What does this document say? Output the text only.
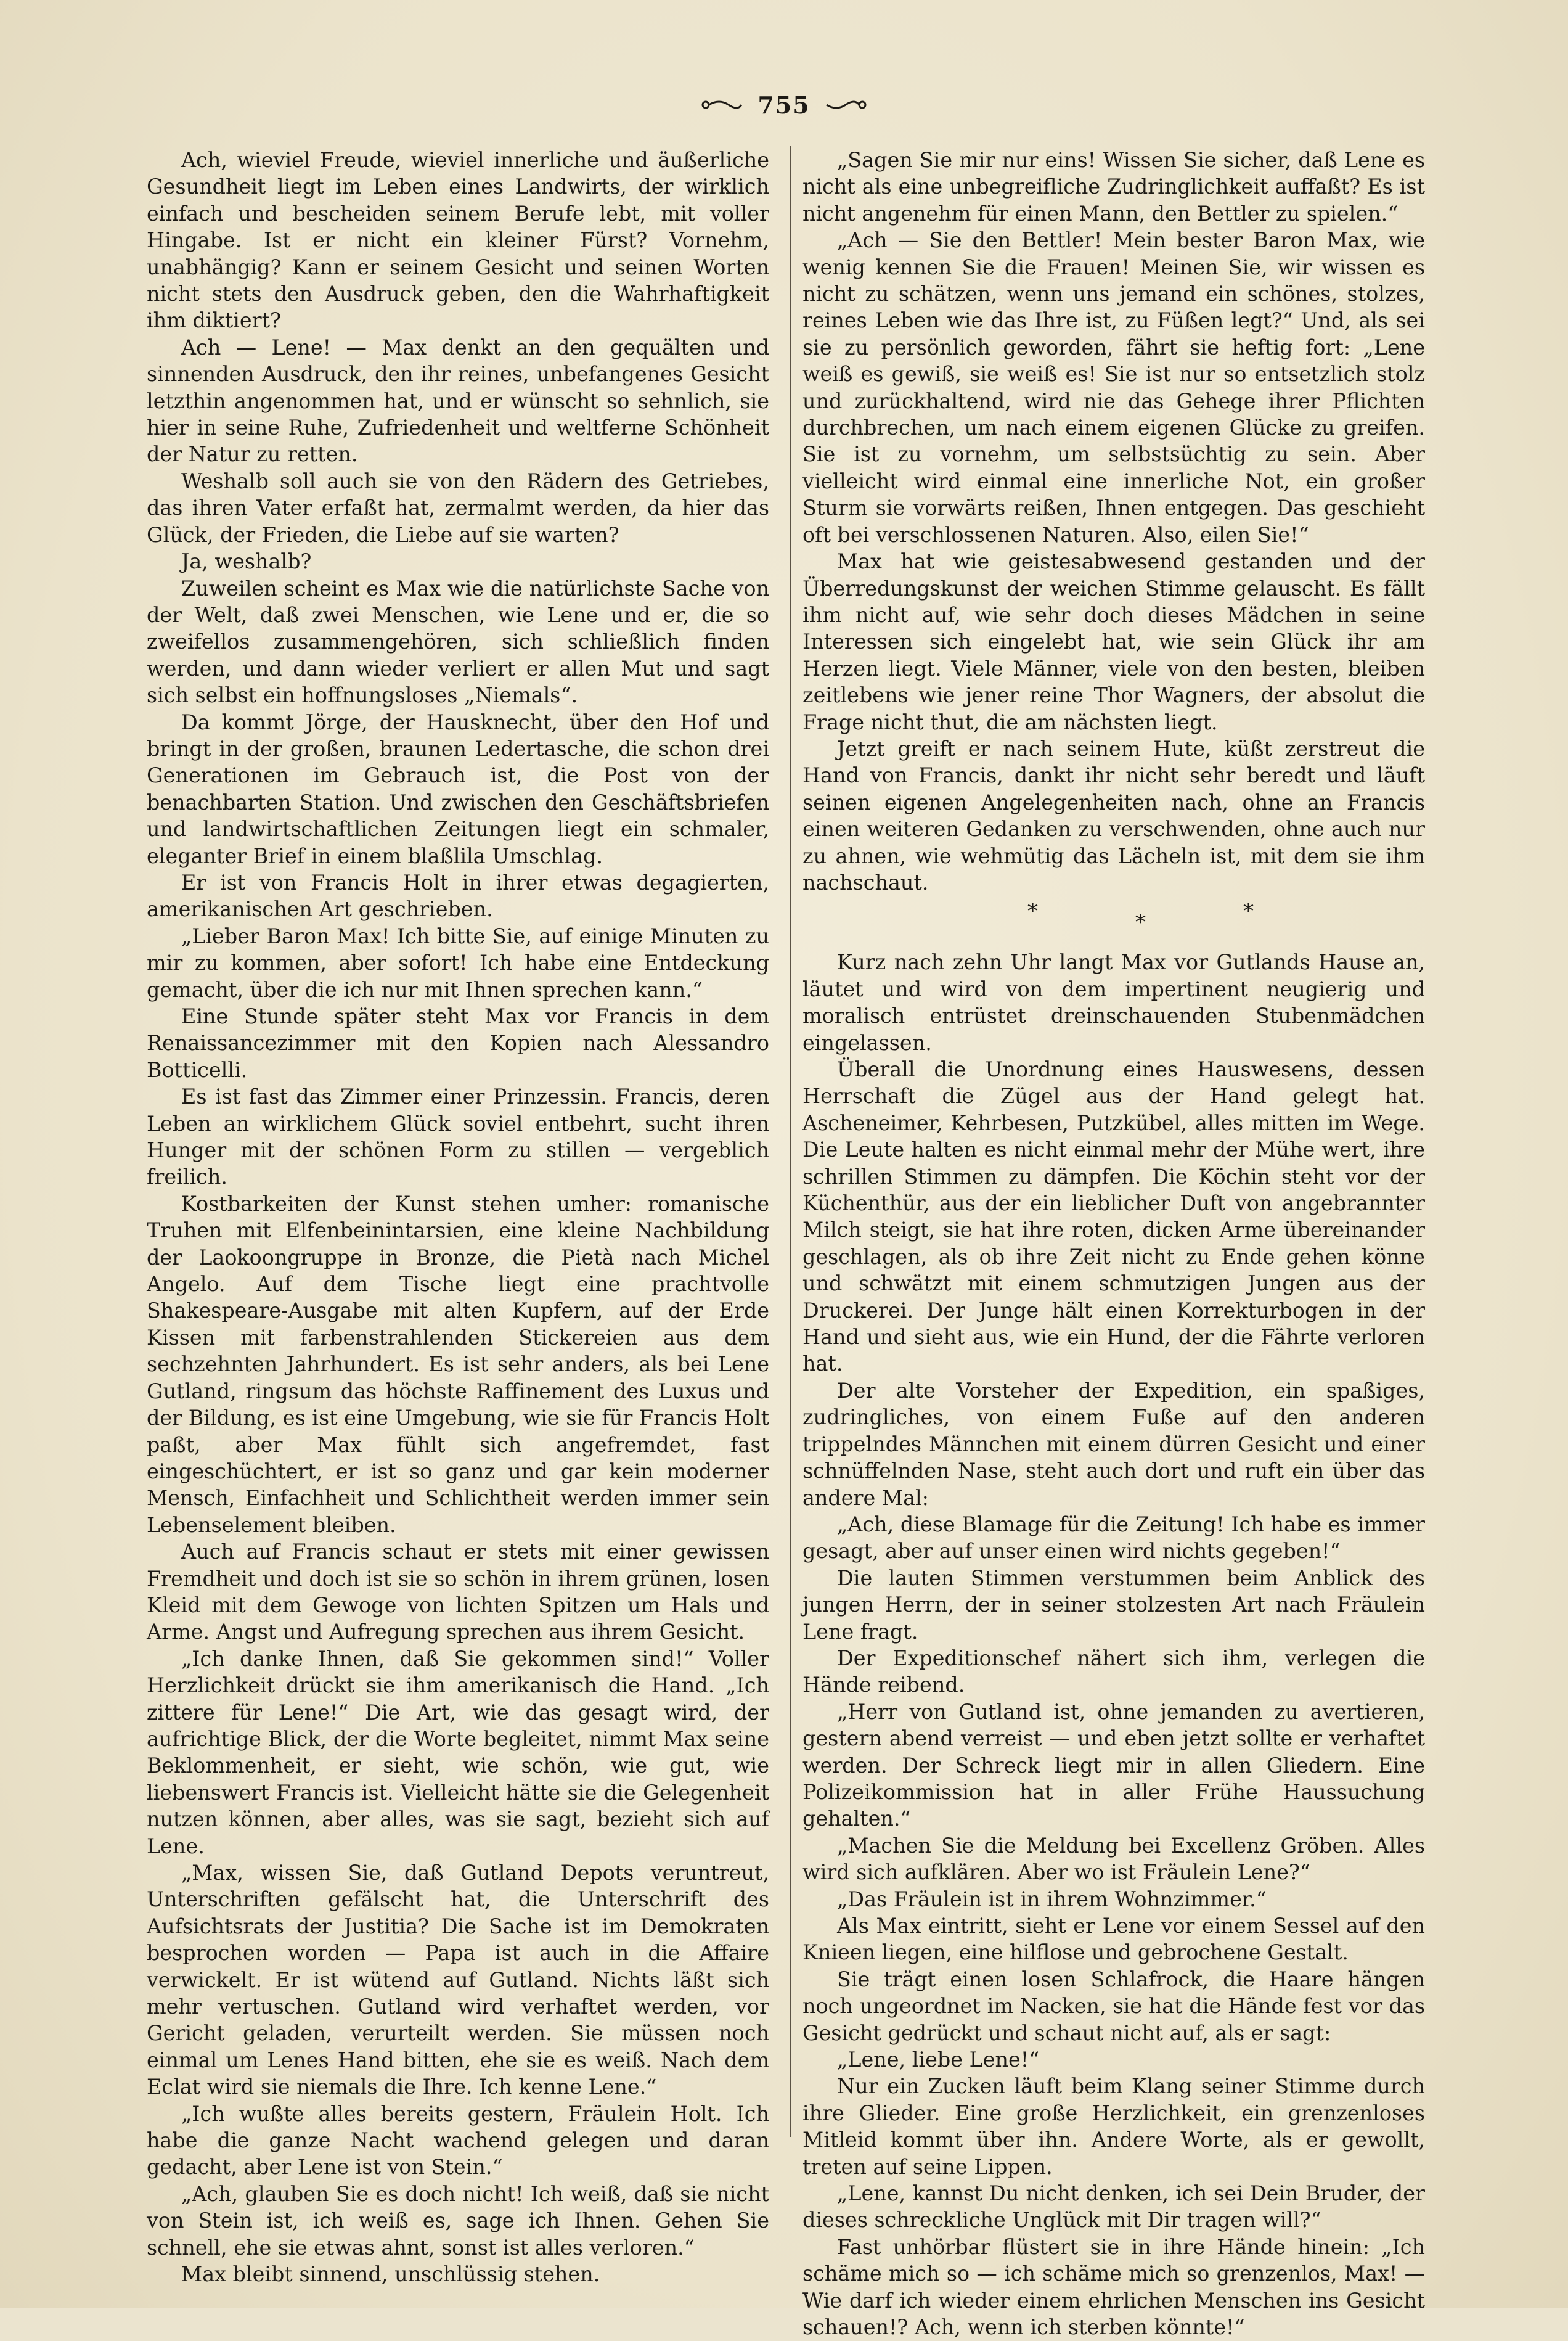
755

Ach, wieviel Freude, wieviel innerliche und äußerliche Gesundheit liegt im Leben eines Landwirts, der wirklich einfach und bescheiden seinem Berufe lebt, mit voller Hingabe. Ist er nicht ein kleiner Fürst? Vornehm, unabhängig? Kann er seinem Gesicht und seinen Worten nicht stets den Ausdruck geben, den die Wahrhaftigkeit ihm diktiert?

Ach — Lene! — Max denkt an den gequälten und sinnenden Ausdruck, den ihr reines, unbefangenes Gesicht letzthin angenommen hat, und er wünscht so sehnlich, sie hier in seine Ruhe, Zufriedenheit und weltferne Schönheit der Natur zu retten.

Weshalb soll auch sie von den Rädern des Getriebes, das ihren Vater erfaßt hat, zermalmt werden, da hier das Glück, der Frieden, die Liebe auf sie warten?

Ja, weshalb?

Zuweilen scheint es Max wie die natürlichste Sache von der Welt, daß zwei Menschen, wie Lene und er, die so zweifellos zusammengehören, sich schließlich finden werden, und dann wieder verliert er allen Mut und sagt sich selbst ein hoffnungsloses „Niemals“.

Da kommt Jörge, der Hausknecht, über den Hof und bringt in der großen, braunen Ledertasche, die schon drei Generationen im Gebrauch ist, die Post von der benachbarten Station. Und zwischen den Geschäftsbriefen und landwirtschaftlichen Zeitungen liegt ein schmaler, eleganter Brief in einem blaßlila Umschlag.

Er ist von Francis Holt in ihrer etwas degagierten, amerikanischen Art geschrieben.

„Lieber Baron Max! Ich bitte Sie, auf einige Minuten zu mir zu kommen, aber sofort! Ich habe eine Entdeckung gemacht, über die ich nur mit Ihnen sprechen kann.“

Eine Stunde später steht Max vor Francis in dem Renaissancezimmer mit den Kopien nach Alessandro Botticelli.

Es ist fast das Zimmer einer Prinzessin. Francis, deren Leben an wirklichem Glück soviel entbehrt, sucht ihren Hunger mit der schönen Form zu stillen — vergeblich freilich.

Kostbarkeiten der Kunst stehen umher: romanische Truhen mit Elfenbeinintarsien, eine kleine Nachbildung der Laokoongruppe in Bronze, die Pietà nach Michel Angelo. Auf dem Tische liegt eine prachtvolle Shakespeare-Ausgabe mit alten Kupfern, auf der Erde Kissen mit farbenstrahlenden Stickereien aus dem sechzehnten Jahrhundert. Es ist sehr anders, als bei Lene Gutland, ringsum das höchste Raffinement des Luxus und der Bildung, es ist eine Umgebung, wie sie für Francis Holt paßt, aber Max fühlt sich angefremdet, fast eingeschüchtert, er ist so ganz und gar kein moderner Mensch, Einfachheit und Schlichtheit werden immer sein Lebenselement bleiben.

Auch auf Francis schaut er stets mit einer gewissen Fremdheit und doch ist sie so schön in ihrem grünen, losen Kleid mit dem Gewoge von lichten Spitzen um Hals und Arme. Angst und Aufregung sprechen aus ihrem Gesicht.

„Ich danke Ihnen, daß Sie gekommen sind!“ Voller Herzlichkeit drückt sie ihm amerikanisch die Hand. „Ich zittere für Lene!“ Die Art, wie das gesagt wird, der aufrichtige Blick, der die Worte begleitet, nimmt Max seine Beklommenheit, er sieht, wie schön, wie gut, wie liebenswert Francis ist. Vielleicht hätte sie die Gelegenheit nutzen können, aber alles, was sie sagt, bezieht sich auf Lene.

„Max, wissen Sie, daß Gutland Depots veruntreut, Unterschriften gefälscht hat, die Unterschrift des Aufsichtsrats der Justitia? Die Sache ist im Demokraten besprochen worden — Papa ist auch in die Affaire verwickelt. Er ist wütend auf Gutland. Nichts läßt sich mehr vertuschen. Gutland wird verhaftet werden, vor Gericht geladen, verurteilt werden. Sie müssen noch einmal um Lenes Hand bitten, ehe sie es weiß. Nach dem Eclat wird sie niemals die Ihre. Ich kenne Lene.“

„Ich wußte alles bereits gestern, Fräulein Holt. Ich habe die ganze Nacht wachend gelegen und daran gedacht, aber Lene ist von Stein.“

„Ach, glauben Sie es doch nicht! Ich weiß, daß sie nicht von Stein ist, ich weiß es, sage ich Ihnen. Gehen Sie schnell, ehe sie etwas ahnt, sonst ist alles verloren.“

Max bleibt sinnend, unschlüssig stehen.

„Sagen Sie mir nur eins! Wissen Sie sicher, daß Lene es nicht als eine unbegreifliche Zudringlichkeit auffaßt? Es ist nicht angenehm für einen Mann, den Bettler zu spielen.“

„Ach — Sie den Bettler! Mein bester Baron Max, wie wenig kennen Sie die Frauen! Meinen Sie, wir wissen es nicht zu schätzen, wenn uns jemand ein schönes, stolzes, reines Leben wie das Ihre ist, zu Füßen legt?“ Und, als sei sie zu persönlich geworden, fährt sie heftig fort: „Lene weiß es gewiß, sie weiß es! Sie ist nur so entsetzlich stolz und zurückhaltend, wird nie das Gehege ihrer Pflichten durchbrechen, um nach einem eigenen Glücke zu greifen. Sie ist zu vornehm, um selbstsüchtig zu sein. Aber vielleicht wird einmal eine innerliche Not, ein großer Sturm sie vorwärts reißen, Ihnen entgegen. Das geschieht oft bei verschlossenen Naturen. Also, eilen Sie!“

Max hat wie geistesabwesend gestanden und der Überredungskunst der weichen Stimme gelauscht. Es fällt ihm nicht auf, wie sehr doch dieses Mädchen in seine Interessen sich eingelebt hat, wie sein Glück ihr am Herzen liegt. Viele Männer, viele von den besten, bleiben zeitlebens wie jener reine Thor Wagners, der absolut die Frage nicht thut, die am nächsten liegt.

Jetzt greift er nach seinem Hute, küßt zerstreut die Hand von Francis, dankt ihr nicht sehr beredt und läuft seinen eigenen Angelegenheiten nach, ohne an Francis einen weiteren Gedanken zu verschwenden, ohne auch nur zu ahnen, wie wehmütig das Lächeln ist, mit dem sie ihm nachschaut.

*	*	*

Kurz nach zehn Uhr langt Max vor Gutlands Hause an, läutet und wird von dem impertinent neugierig und moralisch entrüstet dreinschauenden Stubenmädchen eingelassen.

Überall die Unordnung eines Hauswesens, dessen Herrschaft die Zügel aus der Hand gelegt hat. Ascheneimer, Kehrbesen, Putzkübel, alles mitten im Wege. Die Leute halten es nicht einmal mehr der Mühe wert, ihre schrillen Stimmen zu dämpfen. Die Köchin steht vor der Küchenthür, aus der ein lieblicher Duft von angebrannter Milch steigt, sie hat ihre roten, dicken Arme übereinander geschlagen, als ob ihre Zeit nicht zu Ende gehen könne und schwätzt mit einem schmutzigen Jungen aus der Druckerei. Der Junge hält einen Korrekturbogen in der Hand und sieht aus, wie ein Hund, der die Fährte verloren hat.

Der alte Vorsteher der Expedition, ein spaßiges, zudringliches, von einem Fuße auf den anderen trippelndes Männchen mit einem dürren Gesicht und einer schnüffelnden Nase, steht auch dort und ruft ein über das andere Mal:

„Ach, diese Blamage für die Zeitung! Ich habe es immer gesagt, aber auf unser einen wird nichts gegeben!“

Die lauten Stimmen verstummen beim Anblick des jungen Herrn, der in seiner stolzesten Art nach Fräulein Lene fragt.

Der Expeditionschef nähert sich ihm, verlegen die Hände reibend.

„Herr von Gutland ist, ohne jemanden zu avertieren, gestern abend verreist — und eben jetzt sollte er verhaftet werden. Der Schreck liegt mir in allen Gliedern. Eine Polizeikommission hat in aller Frühe Haussuchung gehalten.“

„Machen Sie die Meldung bei Excellenz Gröben. Alles wird sich aufklären. Aber wo ist Fräulein Lene?“

„Das Fräulein ist in ihrem Wohnzimmer.“

Als Max eintritt, sieht er Lene vor einem Sessel auf den Knieen liegen, eine hilflose und gebrochene Gestalt.

Sie trägt einen losen Schlafrock, die Haare hängen noch ungeordnet im Nacken, sie hat die Hände fest vor das Gesicht gedrückt und schaut nicht auf, als er sagt:

„Lene, liebe Lene!“

Nur ein Zucken läuft beim Klang seiner Stimme durch ihre Glieder. Eine große Herzlichkeit, ein grenzenloses Mitleid kommt über ihn. Andere Worte, als er gewollt, treten auf seine Lippen.

„Lene, kannst Du nicht denken, ich sei Dein Bruder, der dieses schreckliche Unglück mit Dir tragen will?“

Fast unhörbar flüstert sie in ihre Hände hinein: „Ich schäme mich so — ich schäme mich so grenzenlos, Max! — Wie darf ich wieder einem ehrlichen Menschen ins Gesicht schauen!? Ach, wenn ich sterben könnte!“
